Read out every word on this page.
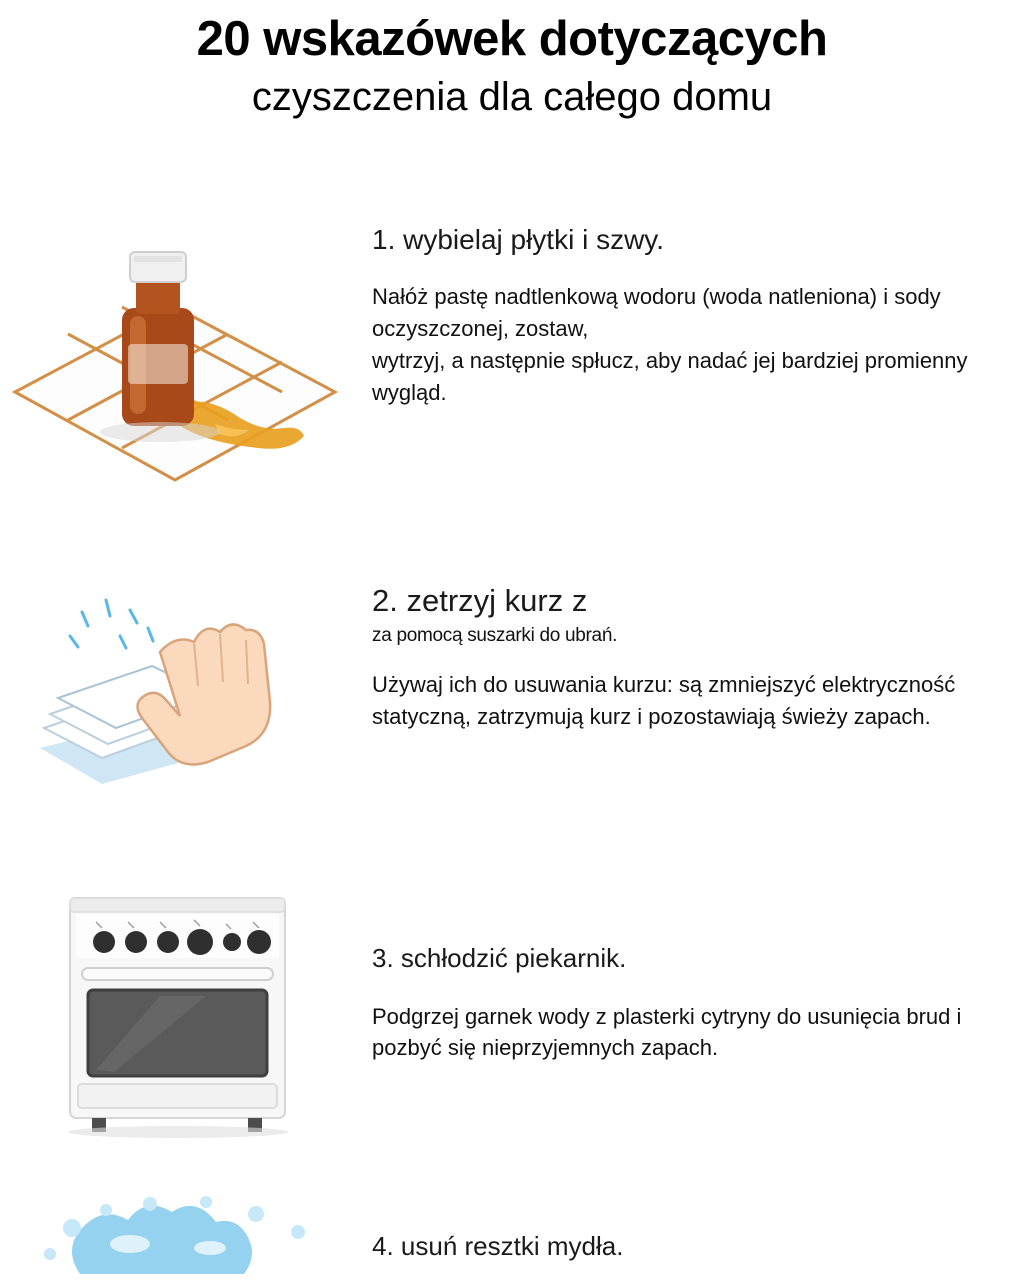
20 wskazówek dotyczących
czyszczenia dla całego domu

1. wybielaj płytki i szwy.

Nałóż pastę nadtlenkową wodoru (woda natleniona) i sody oczyszczonej, zostaw,

wytrzyj, a następnie spłucz, aby nadać jej bardziej promienny wygląd.

2. zetrzyj kurz z

za pomocą suszarki do ubrań.

Używaj ich do usuwania kurzu: są zmniejszyć elektryczność statyczną, zatrzymują kurz i pozostawiają świeży zapach.

3. schłodzić piekarnik.

Podgrzej garnek wody z plasterki cytryny do usunięcia brud i pozbyć się nieprzyjemnych zapach.

4. usuń resztki mydła.
